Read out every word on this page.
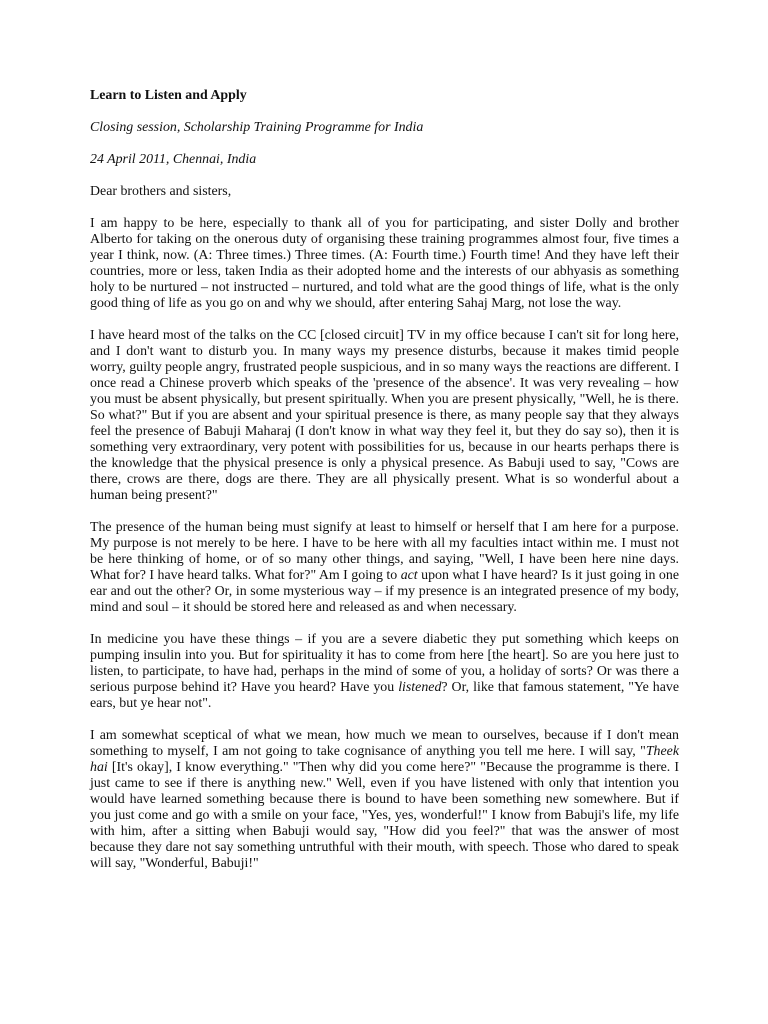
Learn to Listen and Apply
Closing session, Scholarship Training Programme for India
24 April 2011, Chennai, India
Dear brothers and sisters,

I am happy to be here, especially to thank all of you for participating, and sister Dolly and brother Alberto for taking on the onerous duty of organising these training programmes almost four, five times a year I think, now. (A: Three times.) Three times. (A: Fourth time.) Fourth time! And they have left their countries, more or less, taken India as their adopted home and the interests of our abhyasis as something holy to be nurtured – not instructed – nurtured, and told what are the good things of life, what is the only good thing of life as you go on and why we should, after entering Sahaj Marg, not lose the way.

I have heard most of the talks on the CC [closed circuit] TV in my office because I can't sit for long here, and I don't want to disturb you. In many ways my presence disturbs, because it makes timid people worry, guilty people angry, frustrated people suspicious, and in so many ways the reactions are different. I once read a Chinese proverb which speaks of the 'presence of the absence'. It was very revealing – how you must be absent physically, but present spiritually. When you are present physically, "Well, he is there. So what?" But if you are absent and your spiritual presence is there, as many people say that they always feel the presence of Babuji Maharaj (I don't know in what way they feel it, but they do say so), then it is something very extraordinary, very potent with possibilities for us, because in our hearts perhaps there is the knowledge that the physical presence is only a physical presence. As Babuji used to say, "Cows are there, crows are there, dogs are there. They are all physically present. What is so wonderful about a human being present?"

The presence of the human being must signify at least to himself or herself that I am here for a purpose. My purpose is not merely to be here. I have to be here with all my faculties intact within me. I must not be here thinking of home, or of so many other things, and saying, "Well, I have been here nine days. What for? I have heard talks. What for?" Am I going to act upon what I have heard? Is it just going in one ear and out the other? Or, in some mysterious way – if my presence is an integrated presence of my body, mind and soul – it should be stored here and released as and when necessary.

In medicine you have these things – if you are a severe diabetic they put something which keeps on pumping insulin into you. But for spirituality it has to come from here [the heart]. So are you here just to listen, to participate, to have had, perhaps in the mind of some of you, a holiday of sorts? Or was there a serious purpose behind it? Have you heard? Have you listened? Or, like that famous statement, "Ye have ears, but ye hear not".

I am somewhat sceptical of what we mean, how much we mean to ourselves, because if I don't mean something to myself, I am not going to take cognisance of anything you tell me here. I will say, "Theek hai [It's okay], I know everything." "Then why did you come here?" "Because the programme is there. I just came to see if there is anything new." Well, even if you have listened with only that intention you would have learned something because there is bound to have been something new somewhere. But if you just come and go with a smile on your face, "Yes, yes, wonderful!" I know from Babuji's life, my life with him, after a sitting when Babuji would say, "How did you feel?" that was the answer of most because they dare not say something untruthful with their mouth, with speech. Those who dared to speak will say, "Wonderful, Babuji!"
